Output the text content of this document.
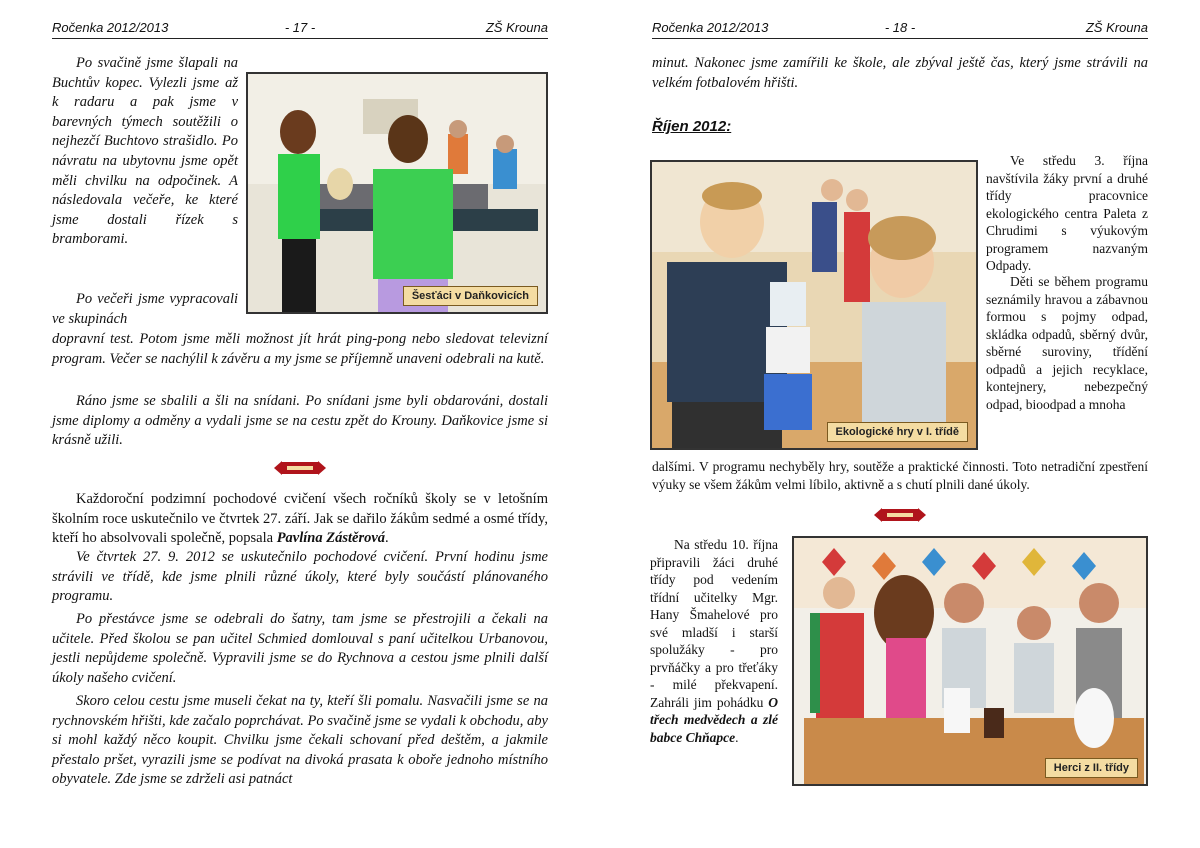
Ročenka 2012/2013	- 17 -	ZŠ Krouna

Po svačině jsme šlapali na Buchtův kopec. Vylezli jsme až k radaru a pak jsme v barevných týmech soutěžili o nejhezčí Buchtovo strašidlo. Po návratu na ubytovnu jsme opět měli chvilku na odpočinek. A následovala večeře, ke které jsme dostali řízek s bramborami.

Po večeři jsme vypracovali ve skupinách

dopravní test. Potom jsme měli možnost jít hrát ping-pong nebo sledovat televizní program. Večer se nachýlil k závěru a my jsme se příjemně unaveni odebrali na kutě.

Ráno jsme se sbalili a šli na snídani. Po snídani jsme byli obdarováni, dostali jsme diplomy a odměny a vydali jsme se na cestu zpět do Krouny. Daňkovice jsme si krásně užili.

Šesťáci v Daňkovicích

Každoroční podzimní pochodové cvičení všech ročníků školy se v letošním školním roce uskutečnilo ve čtvrtek 27. září. Jak se dařilo žákům sedmé a osmé třídy, kteří ho absolvovali společně, popsala Pavlína Zástěrová.

Ve čtvrtek 27. 9. 2012 se uskutečnilo pochodové cvičení. První hodinu jsme strávili ve třídě, kde jsme plnili různé úkoly, které byly součástí plánovaného programu.

Po přestávce jsme se odebrali do šatny, tam jsme se přestrojili a čekali na učitele. Před školou se pan učitel Schmied domlouval s paní učitelkou Urbanovou, jestli nepůjdeme společně. Vypravili jsme se do Rychnova a cestou jsme plnili další úkoly našeho cvičení.

Skoro celou cestu jsme museli čekat na ty, kteří šli pomalu. Nasvačili jsme se na rychnovském hřišti, kde začalo poprchávat. Po svačině jsme se vydali k obchodu, aby si mohl každý něco koupit. Chvilku jsme čekali schovaní před deštěm, a jakmile přestalo pršet, vyrazili jsme se podívat na divoká prasata k oboře jednoho místního obyvatele. Zde jsme se zdrželi asi patnáct

Ročenka 2012/2013	- 18 -	ZŠ Krouna

minut. Nakonec jsme zamířili ke škole, ale zbýval ještě čas, který jsme strávili na velkém fotbalovém hřišti.

Říjen 2012:
Ekologické hry v I. třídě

Ve středu 3. října navštívila žáky první a druhé třídy pracovnice ekologického centra Paleta z Chrudimi s výukovým programem nazvaným Odpady.

Děti se během programu seznámily hravou a zábavnou formou s pojmy odpad, skládka odpadů, sběrný dvůr, sběrné suroviny, třídění odpadů a jejich recyklace, kontejnery, nebezpečný odpad, bioodpad a mnoha

dalšími. V programu nechyběly hry, soutěže a praktické činnosti. Toto netradiční zpestření výuky se všem žákům velmi líbilo, aktivně a s chutí plnili dané úkoly.

Na středu 10. října připravili žáci druhé třídy pod vedením třídní učitelky Mgr. Hany Šmahelové pro své mladší i starší spolužáky - pro prvňáčky a pro třeťáky - milé překvapení. Zahráli jim pohádku O třech medvědech a zlé babce Chňapce.

Herci z II. třídy
